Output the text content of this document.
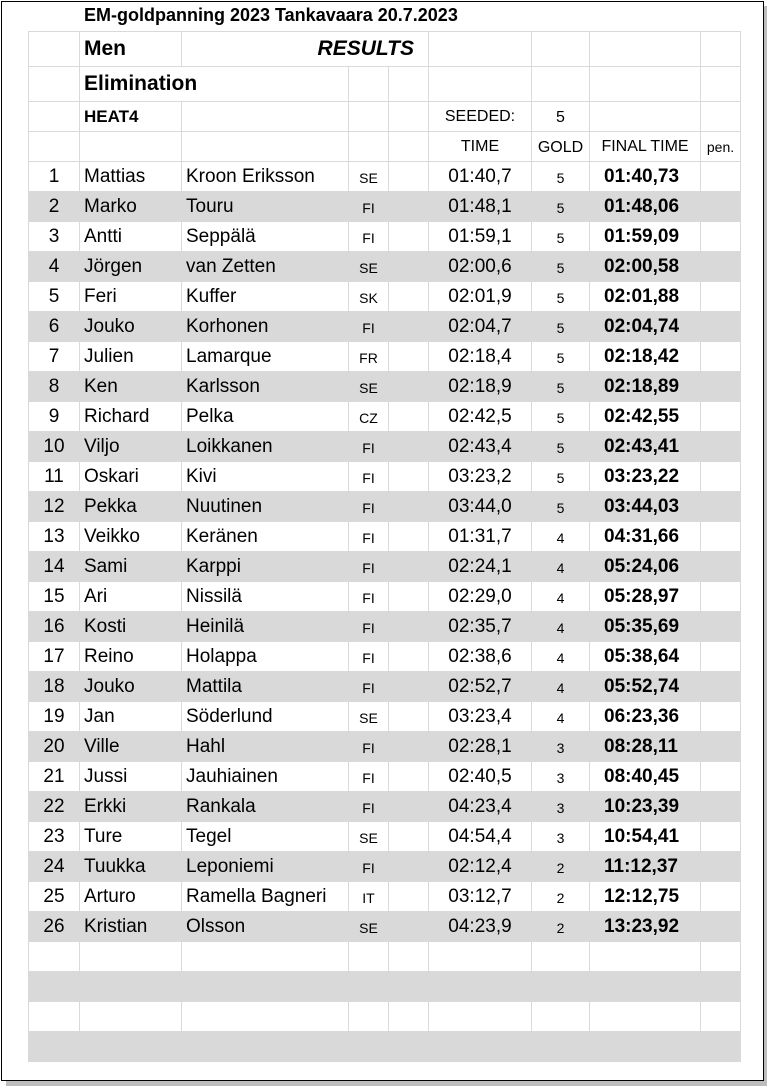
EM-goldpanning 2023 Tankavaara 20.7.2023
	Men	RESULTS						
	Elimination							
	HEAT4				SEEDED:	5		
					TIME	GOLD	FINAL TIME	pen.
1	Mattias	Kroon Eriksson	SE		01:40,7	5	01:40,73	
2	Marko	Touru	FI		01:48,1	5	01:48,06	
3	Antti	Seppälä	FI		01:59,1	5	01:59,09	
4	Jörgen	van Zetten	SE		02:00,6	5	02:00,58	
5	Feri	Kuffer	SK		02:01,9	5	02:01,88	
6	Jouko	Korhonen	FI		02:04,7	5	02:04,74	
7	Julien	Lamarque	FR		02:18,4	5	02:18,42	
8	Ken	Karlsson	SE		02:18,9	5	02:18,89	
9	Richard	Pelka	CZ		02:42,5	5	02:42,55	
10	Viljo	Loikkanen	FI		02:43,4	5	02:43,41	
11	Oskari	Kivi	FI		03:23,2	5	03:23,22	
12	Pekka	Nuutinen	FI		03:44,0	5	03:44,03	
13	Veikko	Keränen	FI		01:31,7	4	04:31,66	
14	Sami	Karppi	FI		02:24,1	4	05:24,06	
15	Ari	Nissilä	FI		02:29,0	4	05:28,97	
16	Kosti	Heinilä	FI		02:35,7	4	05:35,69	
17	Reino	Holappa	FI		02:38,6	4	05:38,64	
18	Jouko	Mattila	FI		02:52,7	4	05:52,74	
19	Jan	Söderlund	SE		03:23,4	4	06:23,36	
20	Ville	Hahl	FI		02:28,1	3	08:28,11	
21	Jussi	Jauhiainen	FI		02:40,5	3	08:40,45	
22	Erkki	Rankala	FI		04:23,4	3	10:23,39	
23	Ture	Tegel	SE		04:54,4	3	10:54,41	
24	Tuukka	Leponiemi	FI		02:12,4	2	11:12,37	
25	Arturo	Ramella Bagneri	IT		03:12,7	2	12:12,75	
26	Kristian	Olsson	SE		04:23,9	2	13:23,92	
